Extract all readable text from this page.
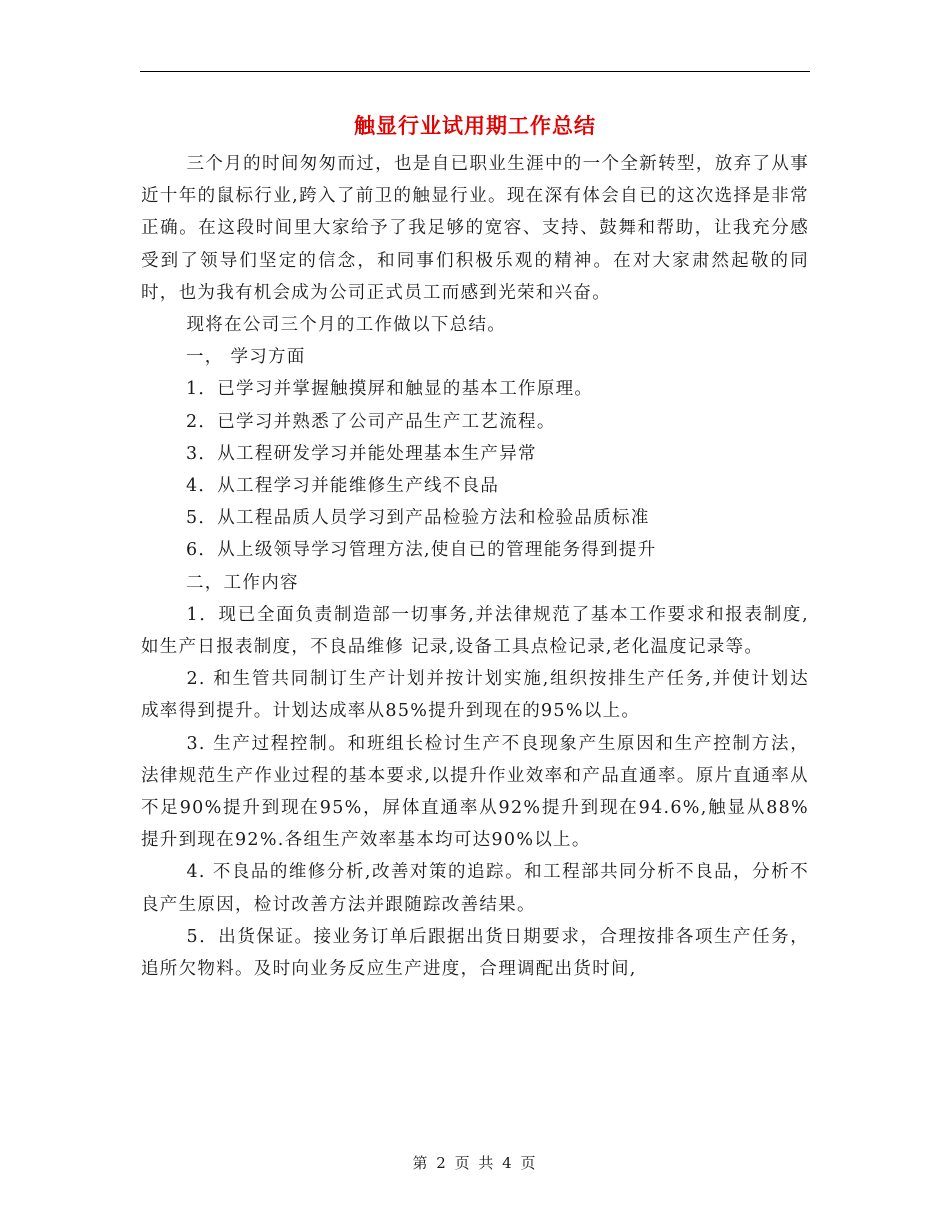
触显行业试用期工作总结

三个月的时间匆匆而过，也是自已职业生涯中的一个全新转型，放弃了从事近十年的鼠标行业,跨入了前卫的触显行业。现在深有体会自已的这次选择是非常正确。在这段时间里大家给予了我足够的宽容、支持、鼓舞和帮助，让我充分感受到了领导们坚定的信念，和同事们积极乐观的精神。在对大家肃然起敬的同时，也为我有机会成为公司正式员工而感到光荣和兴奋。

现将在公司三个月的工作做以下总结。

一， 学习方面

1．已学习并掌握触摸屏和触显的基本工作原理。

2．已学习并熟悉了公司产品生产工艺流程。

3．从工程研发学习并能处理基本生产异常

4．从工程学习并能维修生产线不良品

5．从工程品质人员学习到产品检验方法和检验品质标准

6．从上级领导学习管理方法,使自已的管理能务得到提升

二，工作内容

1．现已全面负责制造部一切事务,并法律规范了基本工作要求和报表制度,如生产日报表制度，不良品维修 记录,设备工具点检记录,老化温度记录等。

2. 和生管共同制订生产计划并按计划实施,组织按排生产任务,并使计划达成率得到提升。计划达成率从85%提升到现在的95%以上。

3. 生产过程控制。和班组长检讨生产不良现象产生原因和生产控制方法，法律规范生产作业过程的基本要求,以提升作业效率和产品直通率。原片直通率从不足90%提升到现在95%，屏体直通率从92%提升到现在94.6%,触显从88%提升到现在92%.各组生产效率基本均可达90%以上。

4. 不良品的维修分析,改善对策的追踪。和工程部共同分析不良品，分析不良产生原因，检讨改善方法并跟随踪改善结果。

5．出货保证。接业务订单后跟据出货日期要求，合理按排各项生产任务，追所欠物料。及时向业务反应生产进度，合理调配出货时间,

第 2 页 共 4 页
